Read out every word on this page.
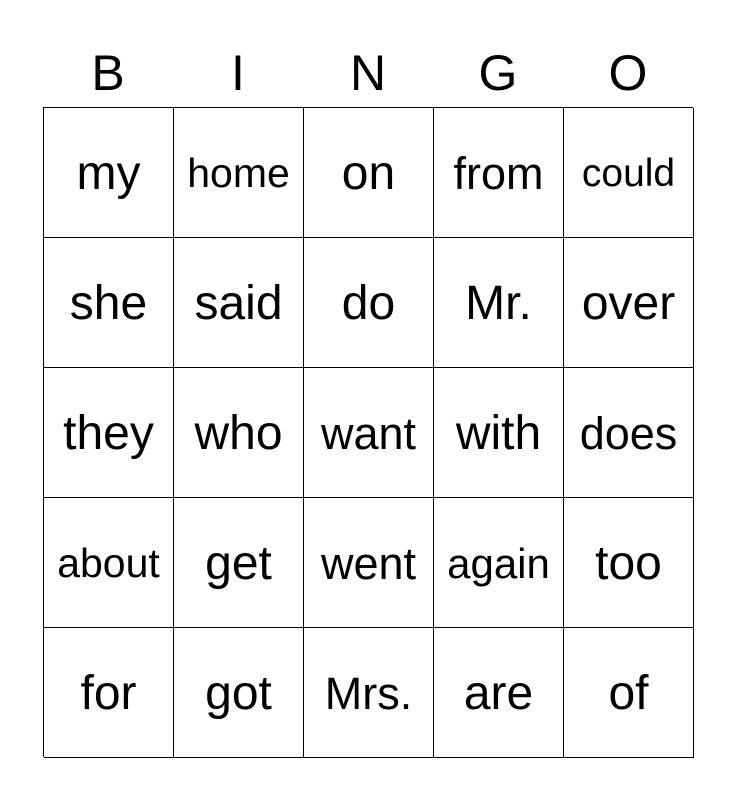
B	I	N	G	O
my home on from could
she said do Mr. over
they who want with does
about get went again too
for got Mrs. are of
